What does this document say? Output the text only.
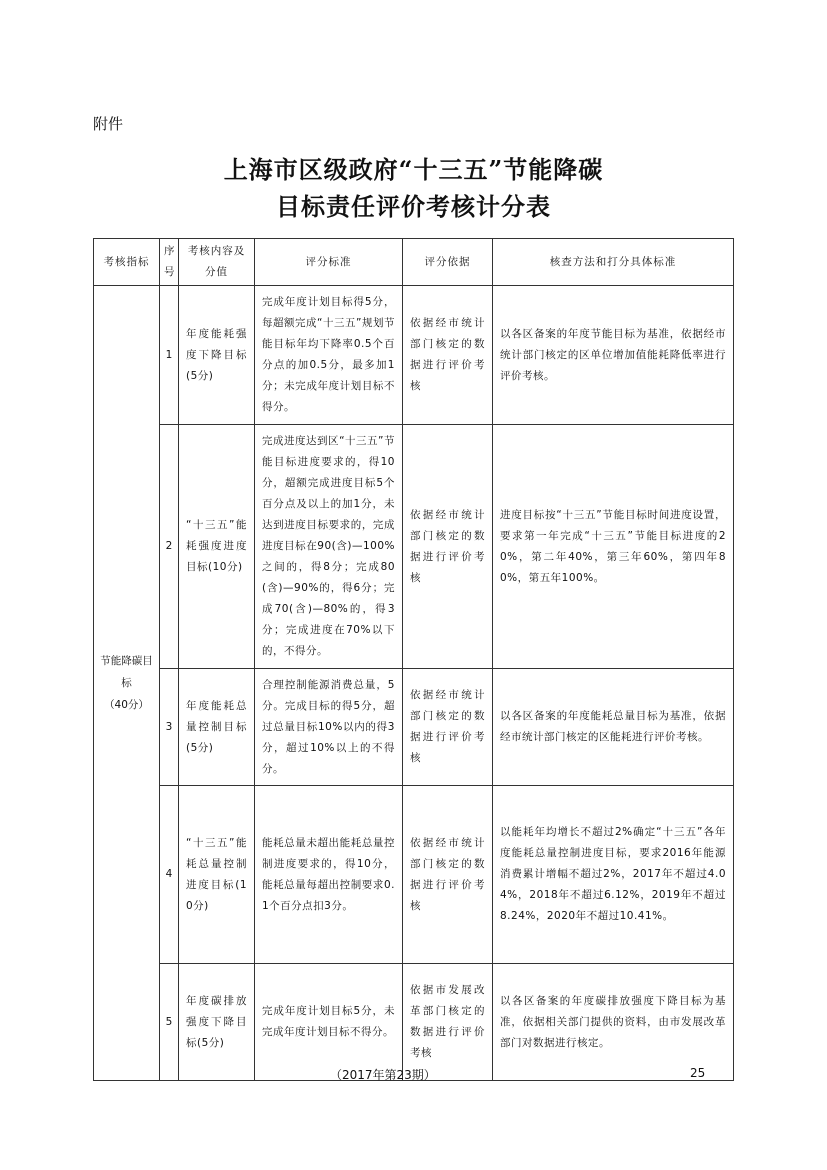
附件
上海市区级政府“十三五”节能降碳
目标责任评价考核计分表
考核指标	序号	考核内容及分值	评分标准	评分依据	核查方法和打分具体标准

节能降碳目标
（40分）	1	年度能耗强度下降目标(5分)	完成年度计划目标得5分，每超额完成“十三五”规划节能目标年均下降率0.5个百分点的加0.5分，最多加1分；未完成年度计划目标不得分。	依据经市统计部门核定的数据进行评价考核	以各区备案的年度节能目标为基准，依据经市统计部门核定的区单位增加值能耗降低率进行评价考核。
	2	“十三五”能耗强度进度目标(10分)	完成进度达到区“十三五”节能目标进度要求的，得10分，超额完成进度目标5个百分点及以上的加1分，未达到进度目标要求的，完成进度目标在90(含)—100%之间的，得8分；完成80(含)—90%的，得6分；完成70(含)—80%的，得3分；完成进度在70%以下的，不得分。	依据经市统计部门核定的数据进行评价考核	进度目标按“十三五”节能目标时间进度设置，要求第一年完成“十三五”节能目标进度的20%，第二年40%，第三年60%，第四年80%，第五年100%。
	3	年度能耗总量控制目标(5分)	合理控制能源消费总量，5分。完成目标的得5分，超过总量目标10%以内的得3分，超过10%以上的不得分。	依据经市统计部门核定的数据进行评价考核	以各区备案的年度能耗总量目标为基准，依据经市统计部门核定的区能耗进行评价考核。
	4	“十三五”能耗总量控制进度目标(10分)	能耗总量未超出能耗总量控制进度要求的，得10分，能耗总量每超出控制要求0.1个百分点扣3分。	依据经市统计部门核定的数据进行评价考核	以能耗年均增长不超过2%确定“十三五”各年度能耗总量控制进度目标，要求2016年能源消费累计增幅不超过2%，2017年不超过4.04%，2018年不超过6.12%，2019年不超过8.24%，2020年不超过10.41%。
	5	年度碳排放强度下降目标(5分)	完成年度计划目标5分，未完成年度计划目标不得分。	依据市发展改革部门核定的数据进行评价考核	以各区备案的年度碳排放强度下降目标为基准，依据相关部门提供的资料，由市发展改革部门对数据进行核定。
（2017年第23期）	25
